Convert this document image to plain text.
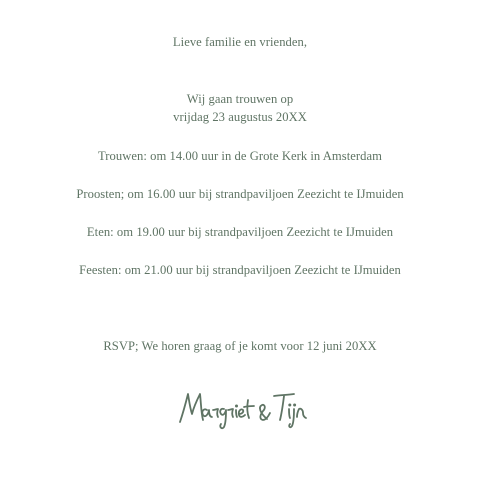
Lieve familie en vrienden,
Wij gaan trouwen op
vrijdag 23 augustus 20XX
Trouwen: om 14.00 uur in de Grote Kerk in Amsterdam
Proosten; om 16.00 uur bij strandpaviljoen Zeezicht te IJmuiden
Eten: om 19.00 uur bij strandpaviljoen Zeezicht te IJmuiden
Feesten: om 21.00 uur bij strandpaviljoen Zeezicht te IJmuiden
RSVP; We horen graag of je komt voor 12 juni 20XX
